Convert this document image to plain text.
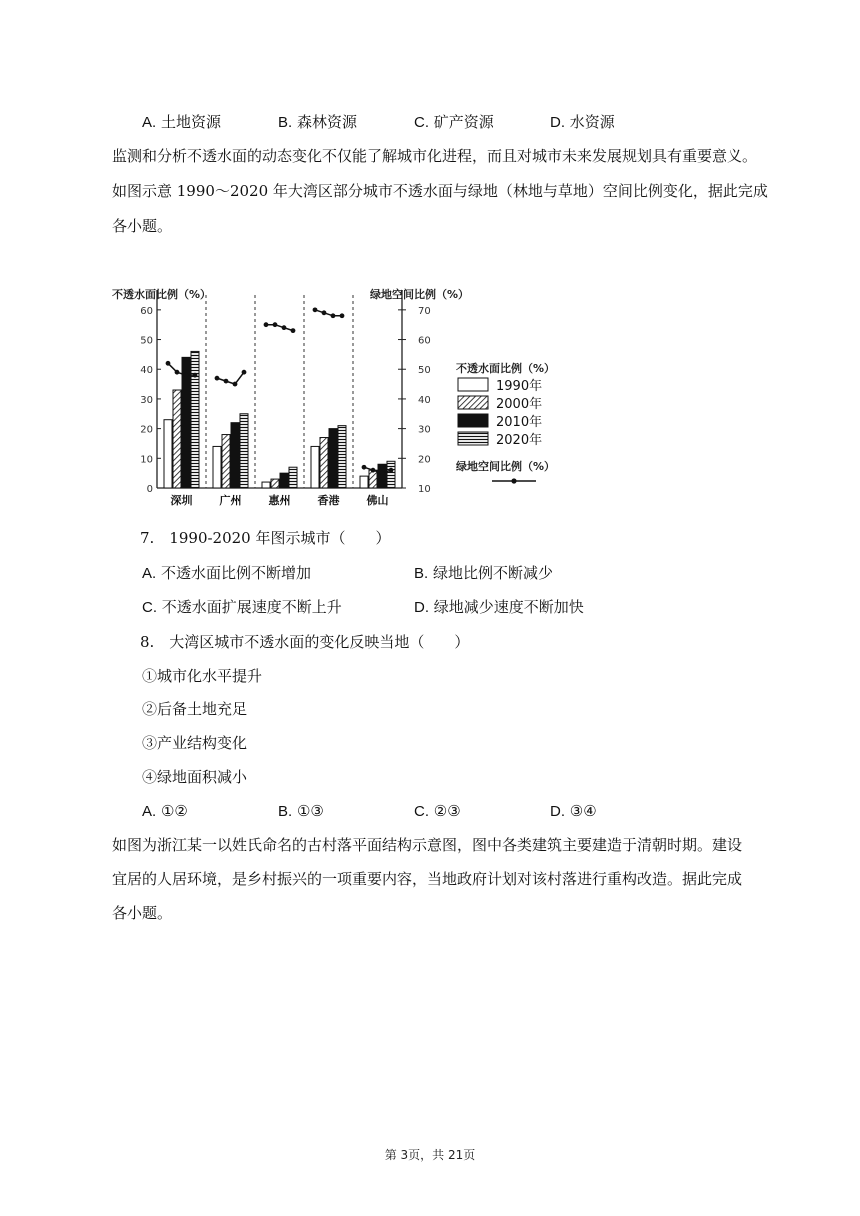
A. 土地资源	B. 森林资源	C. 矿产资源	D. 水资源
监测和分析不透水面的动态变化不仅能了解城市化进程，而且对城市未来发展规划具有重要意义。
如图示意 1990～2020 年大湾区部分城市不透水面与绿地（林地与草地）空间比例变化，据此完成
各小题。
不透水面比例（%）	绿地空间比例（%）
0
10
20
30
40
50
60
10
20
30
40
50
60
70
不透水面比例（%）
1990年
2000年
2010年
2020年
绿地空间比例（%）
深圳 广州 惠州 香港 佛山
7.　1990-2020 年图示城市（　　）
A. 不透水面比例不断增加	B. 绿地比例不断减少
C. 不透水面扩展速度不断上升	D. 绿地减少速度不断加快
8.　大湾区城市不透水面的变化反映当地（　　）
①城市化水平提升
②后备土地充足
③产业结构变化
④绿地面积减小
A. ①②	B. ①③	C. ②③	D. ③④
如图为浙江某一以姓氏命名的古村落平面结构示意图，图中各类建筑主要建造于清朝时期。建设
宜居的人居环境，是乡村振兴的一项重要内容，当地政府计划对该村落进行重构改造。据此完成
各小题。
第 3页，共 21页
